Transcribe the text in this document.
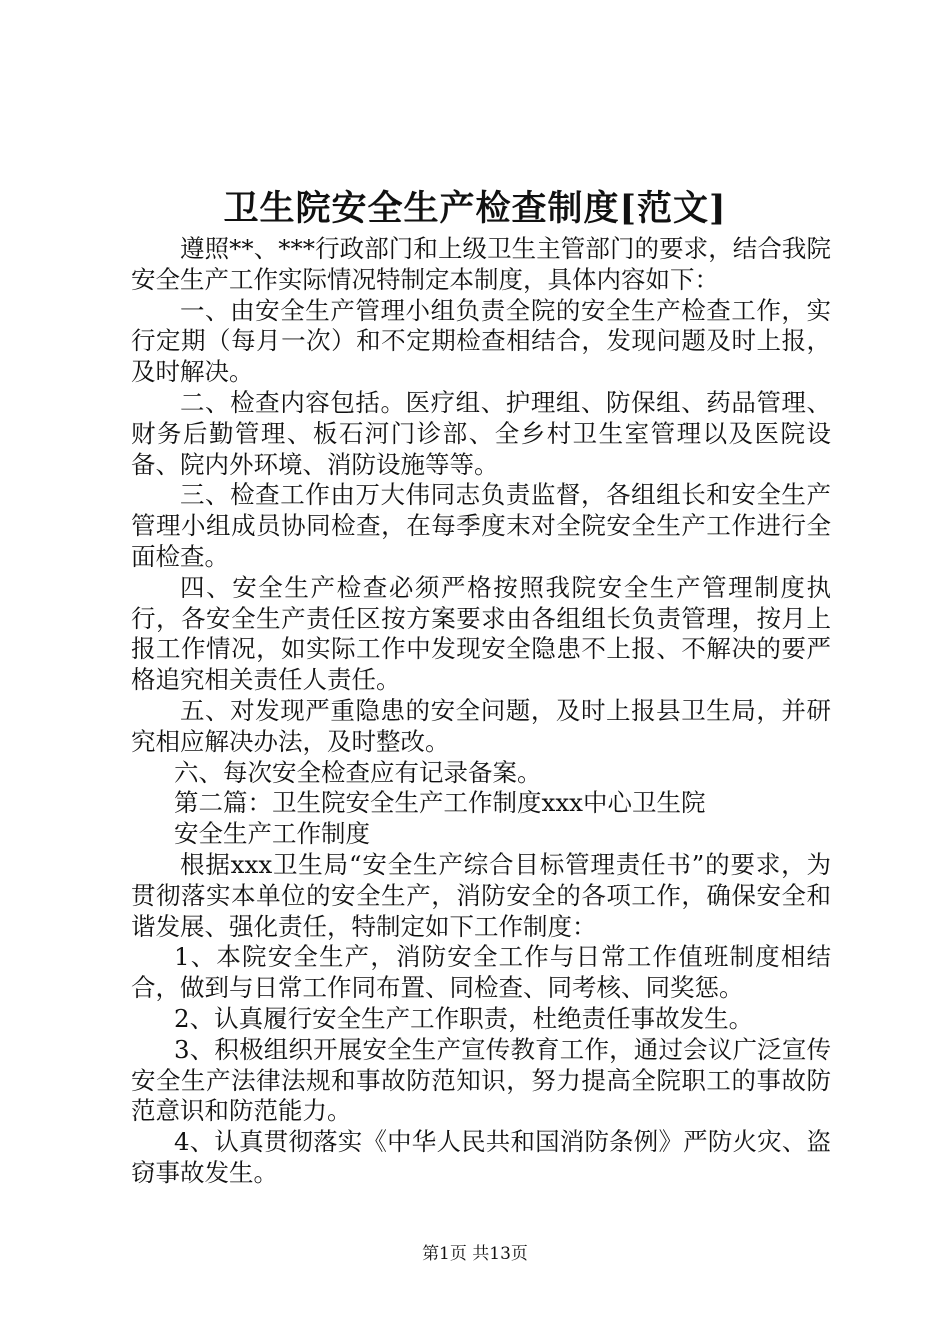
卫生院安全生产检查制度[范文]

遵照**、***行政部门和上级卫生主管部门的要求，结合我院安全生产工作实际情况特制定本制度，具体内容如下：

一、由安全生产管理小组负责全院的安全生产检查工作，实行定期（每月一次）和不定期检查相结合，发现问题及时上报，及时解决。

二、检查内容包括。医疗组、护理组、防保组、药品管理、财务后勤管理、板石河门诊部、全乡村卫生室管理以及医院设备、院内外环境、消防设施等等。

三、检查工作由万大伟同志负责监督，各组组长和安全生产管理小组成员协同检查，在每季度末对全院安全生产工作进行全面检查。

四、安全生产检查必须严格按照我院安全生产管理制度执行，各安全生产责任区按方案要求由各组组长负责管理，按月上报工作情况，如实际工作中发现安全隐患不上报、不解决的要严格追究相关责任人责任。

五、对发现严重隐患的安全问题，及时上报县卫生局，并研究相应解决办法，及时整改。

六、每次安全检查应有记录备案。

第二篇：卫生院安全生产工作制度xxx中心卫生院

安全生产工作制度

根据xxx卫生局“安全生产综合目标管理责任书”的要求，为贯彻落实本单位的安全生产，消防安全的各项工作，确保安全和谐发展、强化责任，特制定如下工作制度：

1、本院安全生产，消防安全工作与日常工作值班制度相结合，做到与日常工作同布置、同检查、同考核、同奖惩。

2、认真履行安全生产工作职责，杜绝责任事故发生。

3、积极组织开展安全生产宣传教育工作，通过会议广泛宣传安全生产法律法规和事故防范知识，努力提高全院职工的事故防范意识和防范能力。

4、认真贯彻落实《中华人民共和国消防条例》严防火灾、盗窃事故发生。

第1页 共13页
